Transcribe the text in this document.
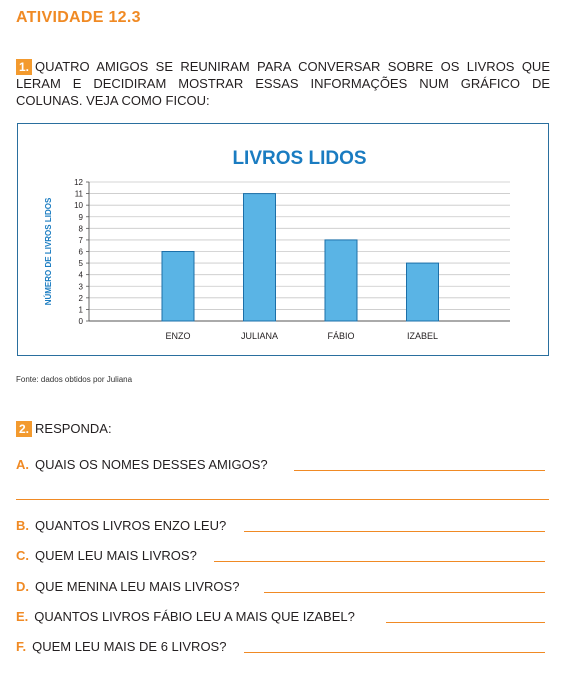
ATIVIDADE 12.3
1. QUATRO AMIGOS SE REUNIRAM PARA CONVERSAR SOBRE OS LIVROS QUE LERAM E DECIDIRAM MOSTRAR ESSAS INFORMAÇÕES NUM GRÁFICO DE COLUNAS. VEJA COMO FICOU:
LIVROS LIDOS
NÚMERO DE LIVROS LIDOS
0
1
2
3
4
5
6
7
8
9
10
11
12
ENZO	JULIANA	FÁBIO	IZABEL
Fonte: dados obtidos por Juliana
2. RESPONDA:
A. QUAIS OS NOMES DESSES AMIGOS?
B. QUANTOS LIVROS ENZO LEU?
C. QUEM LEU MAIS LIVROS?
D. QUE MENINA LEU MAIS LIVROS?
E. QUANTOS LIVROS FÁBIO LEU A MAIS QUE IZABEL?
F. QUEM LEU MAIS DE 6 LIVROS?
